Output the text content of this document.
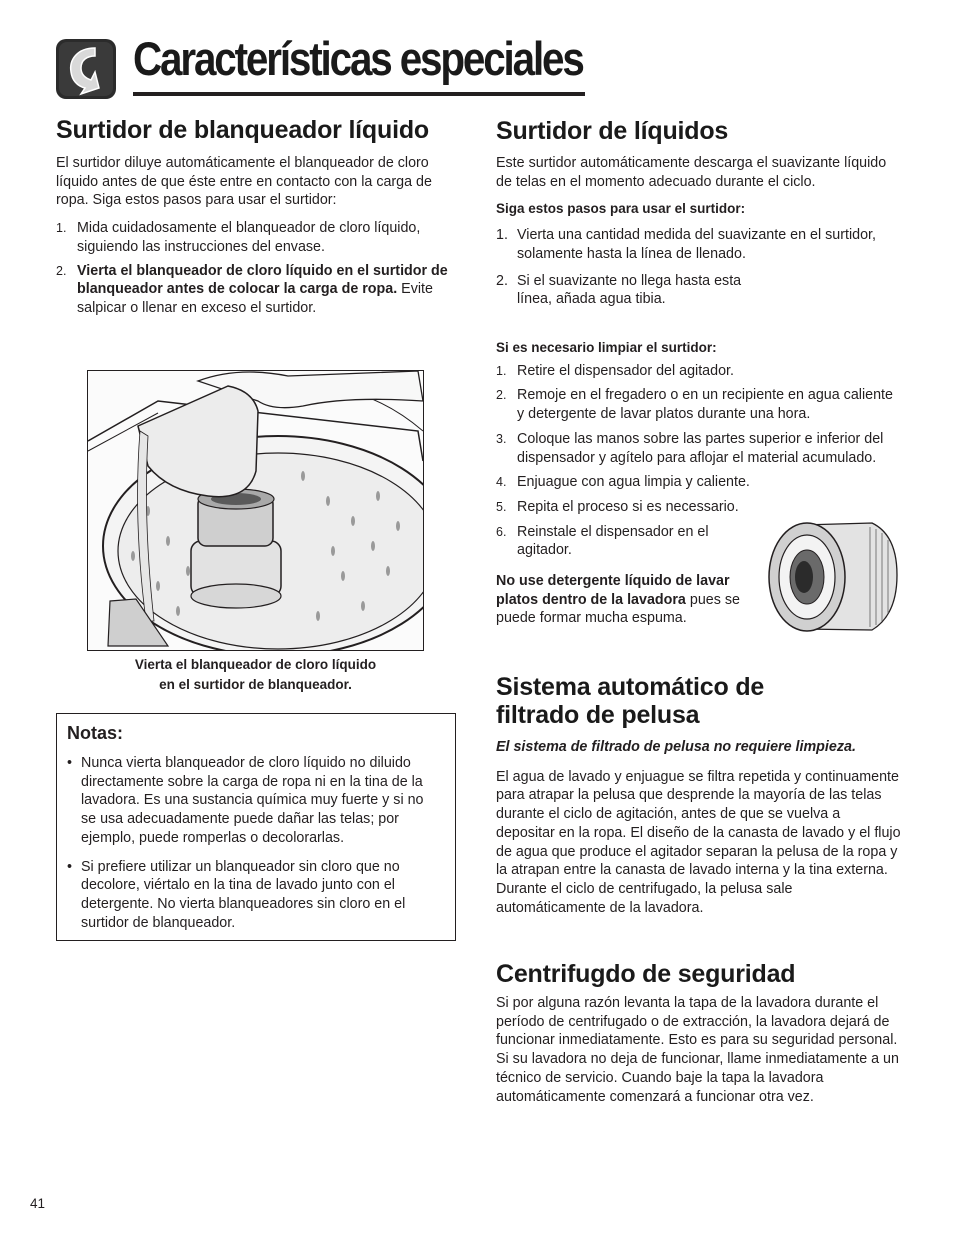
Características especiales
Surtidor de blanqueador líquido

El surtidor diluye automáticamente el blanqueador de cloro líquido antes de que éste entre en contacto con la carga de ropa. Siga estos pasos para usar el surtidor:

1. Mida cuidadosamente el blanqueador de cloro líquido, siguiendo las instrucciones del envase.
2. Vierta el blanqueador de cloro líquido en el surtidor de blanqueador antes de colocar la carga de ropa. Evite salpicar o llenar en exceso el surtidor.
Vierta el blanqueador de cloro líquido
en el surtidor de blanqueador.
Notas:
• Nunca vierta blanqueador de cloro líquido no diluido directamente sobre la carga de ropa ni en la tina de la lavadora. Es una sustancia química muy fuerte y si no se usa adecuadamente puede dañar las telas; por ejemplo, puede romperlas o decolorarlas.
• Si prefiere utilizar un blanqueador sin cloro que no decolore, viértalo en la tina de lavado junto con el detergente. No vierta blanqueadores sin cloro en el surtidor de blanqueador.
Surtidor de líquidos

Este surtidor automáticamente descarga el suavizante líquido de telas en el momento adecuado durante el ciclo.

Siga estos pasos para usar el surtidor:

1. Vierta una cantidad medida del suavizante en el surtidor, solamente hasta la línea de llenado.
2. Si el suavizante no llega hasta esta línea, añada agua tibia.

Si es necesario limpiar el surtidor:

1. Retire el dispensador del agitador.
2. Remoje en el fregadero o en un recipiente en agua caliente y detergente de lavar platos durante una hora.
3. Coloque las manos sobre las partes superior e inferior del dispensador y agítelo para aflojar el material acumulado.
4. Enjuague con agua limpia y caliente.
5. Repita el proceso si es necessario.
6. Reinstale el dispensador en el agitador.

No use detergente líquido de lavar platos dentro de la lavadora pues se puede formar mucha espuma.

Sistema automático de
filtrado de pelusa

El sistema de filtrado de pelusa no requiere limpieza.

El agua de lavado y enjuague se filtra repetida y continuamente para atrapar la pelusa que desprende la mayoría de las telas durante el ciclo de agitación, antes de que se vuelva a depositar en la ropa. El diseño de la canasta de lavado y el flujo de agua que produce el agitador separan la pelusa de la ropa y la atrapan entre la canasta de lavado interna y la tina externa. Durante el ciclo de centrifugado, la pelusa sale automáticamente de la lavadora.

Centrifugdo de seguridad

Si por alguna razón levanta la tapa de la lavadora durante el período de centrifugado o de extracción, la lavadora dejará de funcionar inmediatamente. Esto es para su seguridad personal. Si su lavadora no deja de funcionar, llame inmediatamente a un técnico de servicio. Cuando baje la tapa la lavadora automáticamente comenzará a funcionar otra vez.

41
